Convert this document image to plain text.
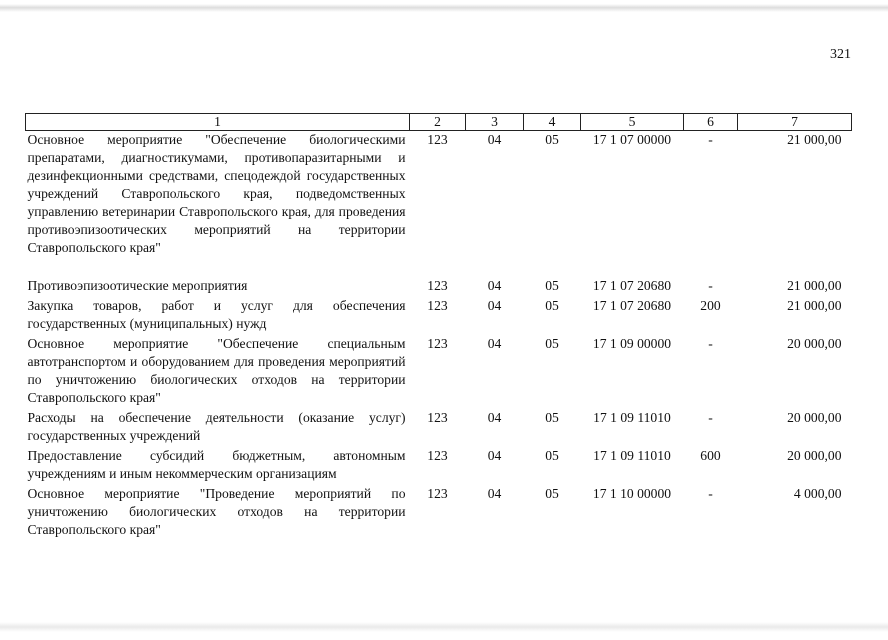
321
1	2	3	4	5	6	7
Основное мероприятие "Обеспечение биологическими препаратами, диагностикумами, противопаразитарными и дезинфекционными средствами, спецодеждой государственных учреждений Ставропольского края, подведомственных управлению ветеринарии Ставропольского края, для проведения противоэпизоотических мероприятий на территории Ставропольского края"	123	04	05	17 1 07 00000	-	21 000,00

Противоэпизоотические мероприятия	123	04	05	17 1 07 20680	-	21 000,00
Закупка товаров, работ и услуг для обеспечения государственных (муниципальных) нужд	123	04	05	17 1 07 20680	200	21 000,00
Основное мероприятие "Обеспечение специальным автотранспортом и оборудованием для проведения мероприятий по уничтожению биологических отходов на территории Ставропольского края"	123	04	05	17 1 09 00000	-	20 000,00
Расходы на обеспечение деятельности (оказание услуг) государственных учреждений	123	04	05	17 1 09 11010	-	20 000,00
Предоставление субсидий бюджетным, автономным учреждениям и иным некоммерческим организациям	123	04	05	17 1 09 11010	600	20 000,00
Основное мероприятие "Проведение мероприятий по уничтожению биологических отходов на территории Ставропольского края"	123	04	05	17 1 10 00000	-	4 000,00
